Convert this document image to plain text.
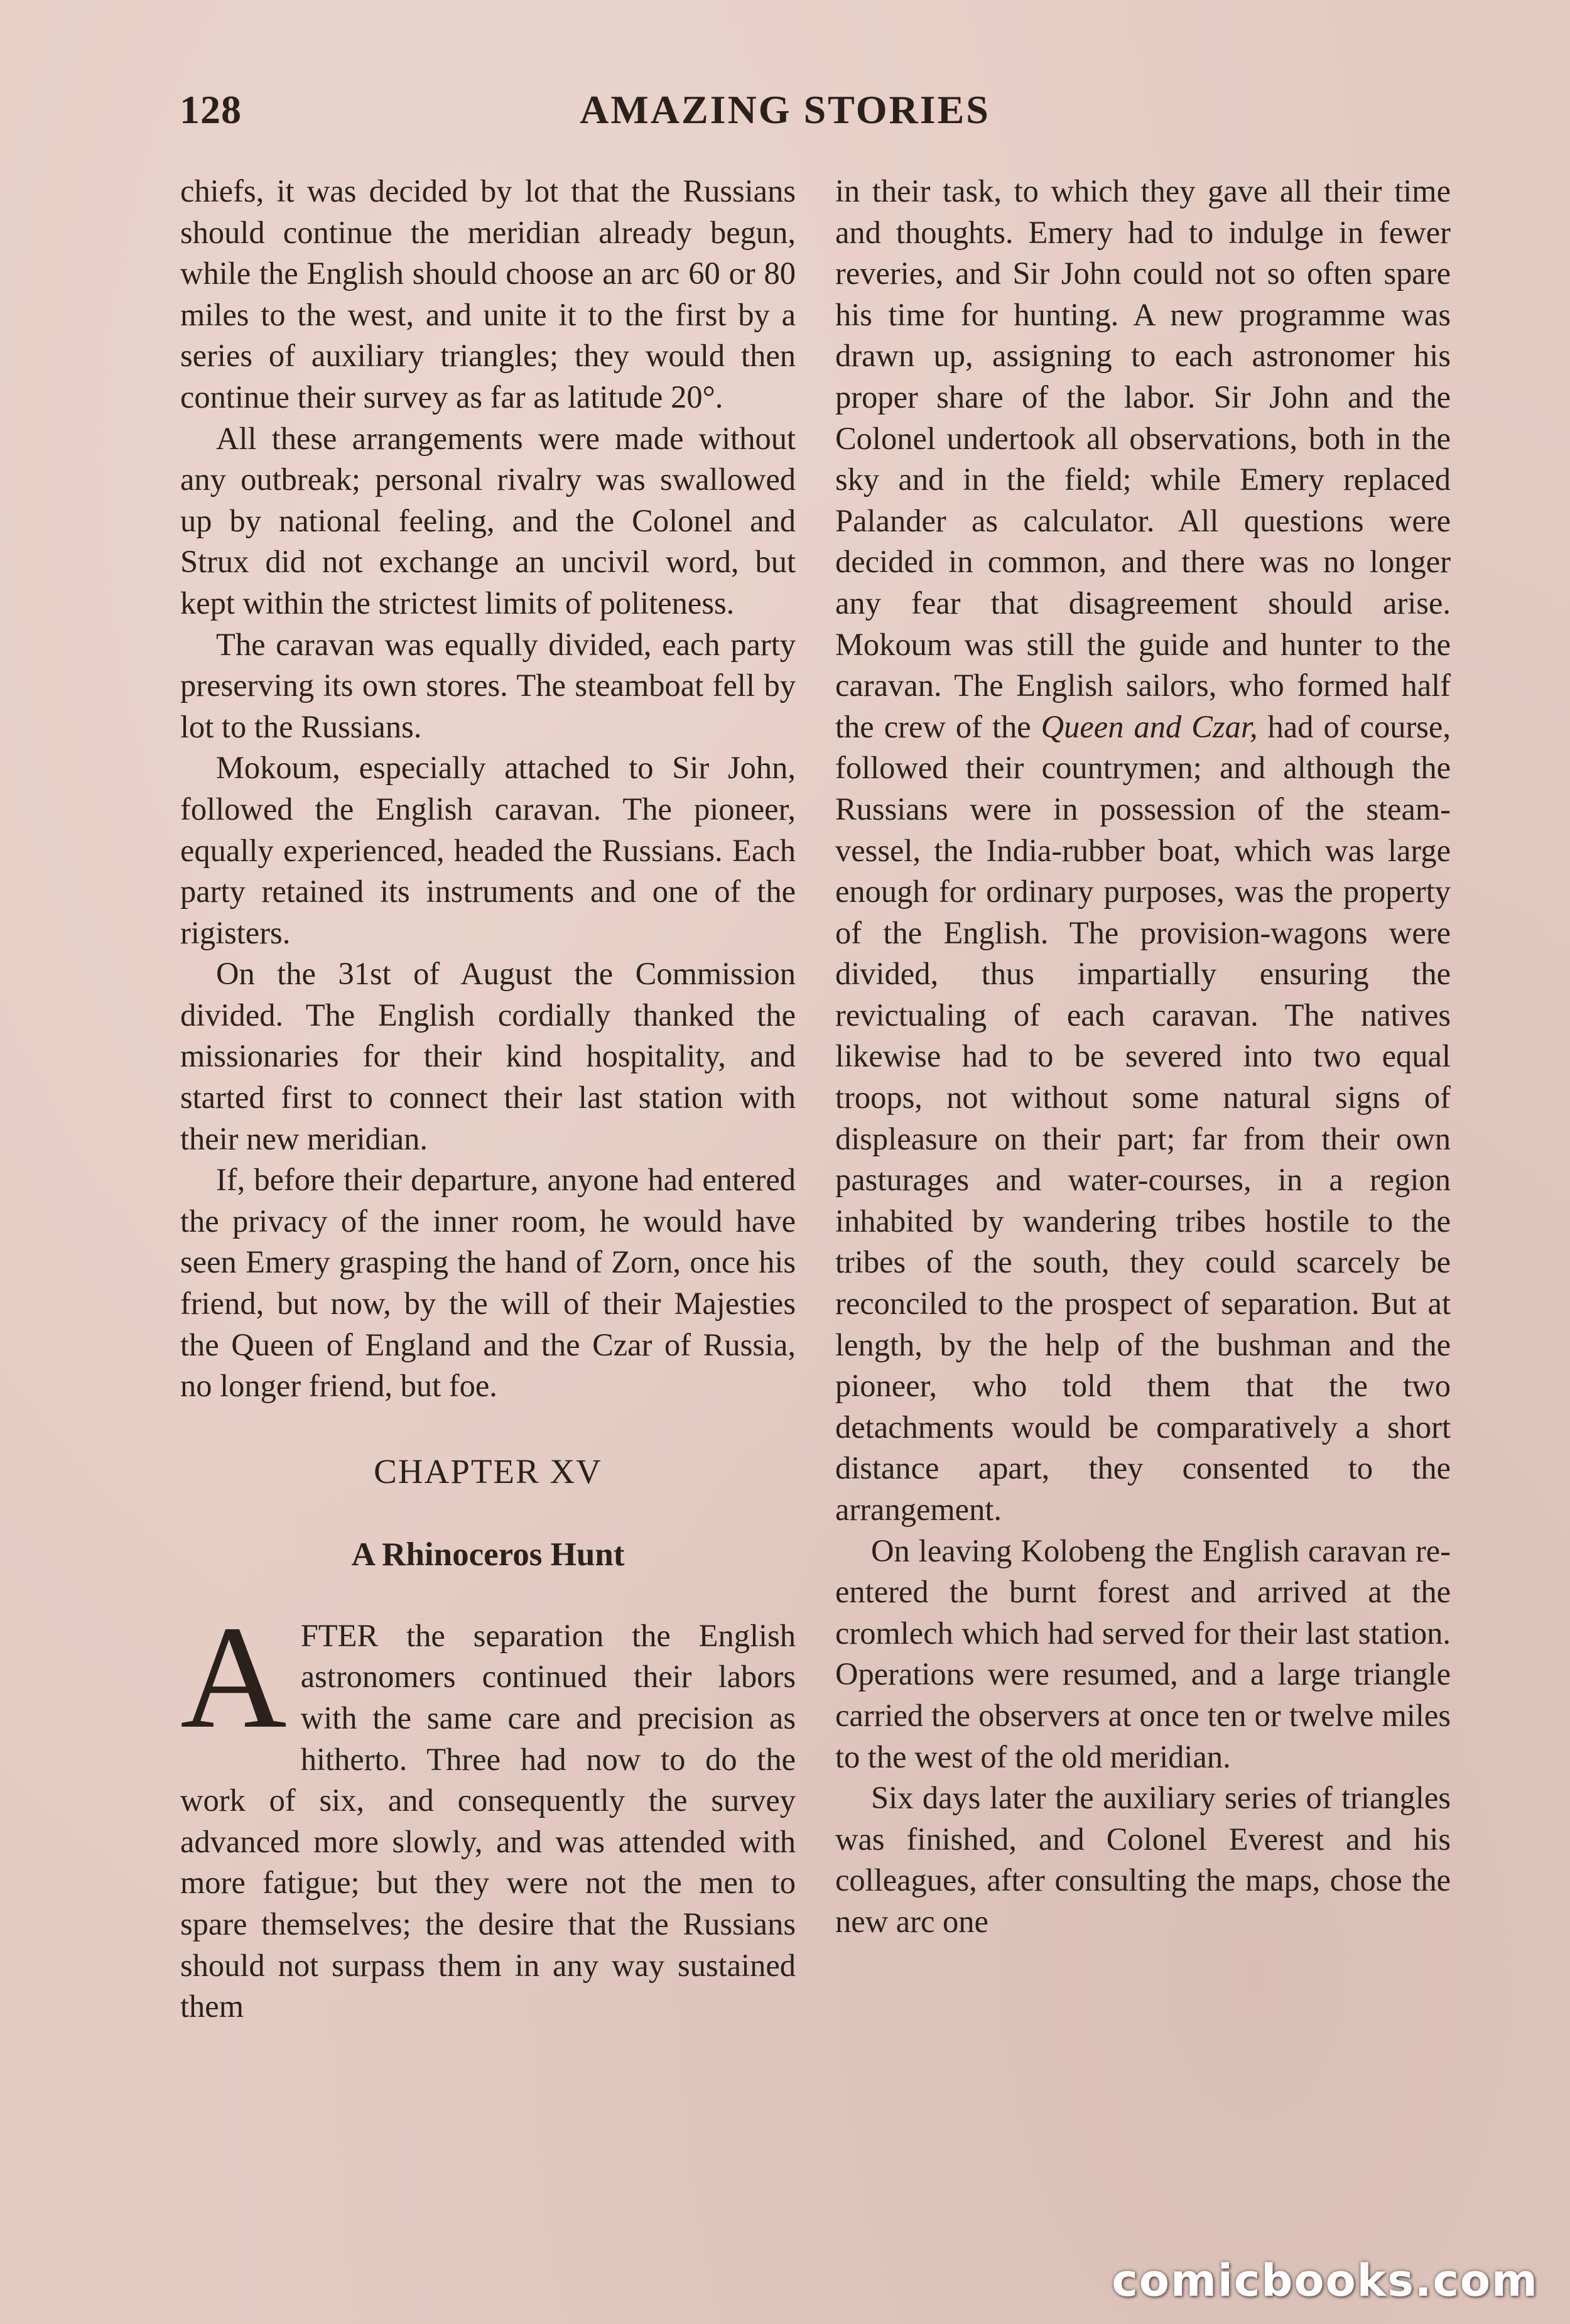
128	AMAZING STORIES

chiefs, it was decided by lot that the Russians should continue the meridian already begun, while the English should choose an arc 60 or 80 miles to the west, and unite it to the first by a series of auxiliary triangles; they would then continue their survey as far as latitude 20°.

All these arrangements were made without any outbreak; personal rivalry was swallowed up by national feeling, and the Colonel and Strux did not exchange an uncivil word, but kept within the strictest limits of politeness.

The caravan was equally divided, each party preserving its own stores. The steamboat fell by lot to the Russians.

Mokoum, especially attached to Sir John, followed the English caravan. The pioneer, equally experienced, headed the Russians. Each party retained its instruments and one of the rigisters.

On the 31st of August the Commission divided. The English cordially thanked the missionaries for their kind hospitality, and started first to connect their last station with their new meridian.

If, before their departure, anyone had entered the privacy of the inner room, he would have seen Emery grasping the hand of Zorn, once his friend, but now, by the will of their Majesties the Queen of England and the Czar of Russia, no longer friend, but foe.

CHAPTER XV
A Rhinoceros Hunt

AFTER the separation the English astronomers continued their labors with the same care and precision as hitherto. Three had now to do the work of six, and consequently the survey advanced more slowly, and was attended with more fatigue; but they were not the men to spare themselves; the desire that the Russians should not surpass them in any way sustained them

in their task, to which they gave all their time and thoughts. Emery had to indulge in fewer reveries, and Sir John could not so often spare his time for hunting. A new programme was drawn up, assigning to each astronomer his proper share of the labor. Sir John and the Colonel undertook all observations, both in the sky and in the field; while Emery replaced Palander as calculator. All questions were decided in common, and there was no longer any fear that disagreement should arise. Mokoum was still the guide and hunter to the caravan. The English sailors, who formed half the crew of the Queen and Czar, had of course, followed their countrymen; and although the Russians were in possession of the steam-vessel, the India-rubber boat, which was large enough for ordinary purposes, was the property of the English. The provision-wagons were divided, thus impartially ensuring the revictualing of each caravan. The natives likewise had to be severed into two equal troops, not without some natural signs of displeasure on their part; far from their own pasturages and water-courses, in a region inhabited by wandering tribes hostile to the tribes of the south, they could scarcely be reconciled to the prospect of separation. But at length, by the help of the bushman and the pioneer, who told them that the two detachments would be comparatively a short distance apart, they consented to the arrangement.

On leaving Kolobeng the English caravan re-entered the burnt forest and arrived at the cromlech which had served for their last station. Operations were resumed, and a large triangle carried the observers at once ten or twelve miles to the west of the old meridian.

Six days later the auxiliary series of triangles was finished, and Colonel Everest and his colleagues, after consulting the maps, chose the new arc one

comicbooks.com
